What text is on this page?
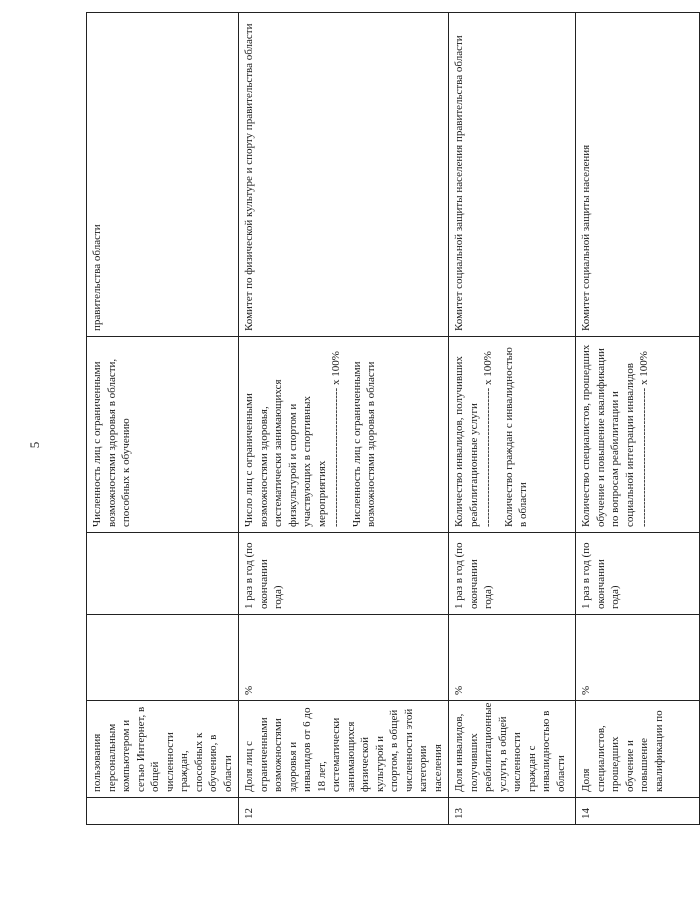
5
	пользования персональным компьютером и сетью Интернет, в общей численности граждан, способных к обучению, в области			Численность лиц с ограниченными возможностями здоровья в области, способных к обучению	правительства области
12	Доля лиц с ограниченными возможностями здоровья и инвалидов от 6 до 18 лет, систематически занимающихся физической культурой и спортом, в общей численности этой категории населения	%	1 раз в год (по окончании года)	Число лиц с ограниченными возможностями здоровья, систематически занимающихся физкультурой и спортом и участвующих в спортивных мероприятиях -------------------------------------- x 100% Численность лиц с ограниченными возможностями здоровья в области	Комитет по физической культуре и спорту правительства области
13	Доля инвалидов, получивших реабилитационные услуги, в общей численности граждан с инвалидностью в области	%	1 раз в год (по окончании года)	Количество инвалидов, получивших реабилитационные услуги -------------------------------------- x 100% Количество граждан с инвалидностью в области	Комитет социальной защиты населения правительства области
14	Доля специалистов, прошедших обучение и повышение квалификации по	%	1 раз в год (по окончании года)	Количество специалистов, прошедших обучение и повышение квалификации по вопросам реабилитации и социальной интеграции инвалидов -------------------------------------- x 100%	Комитет социальной защиты населения
